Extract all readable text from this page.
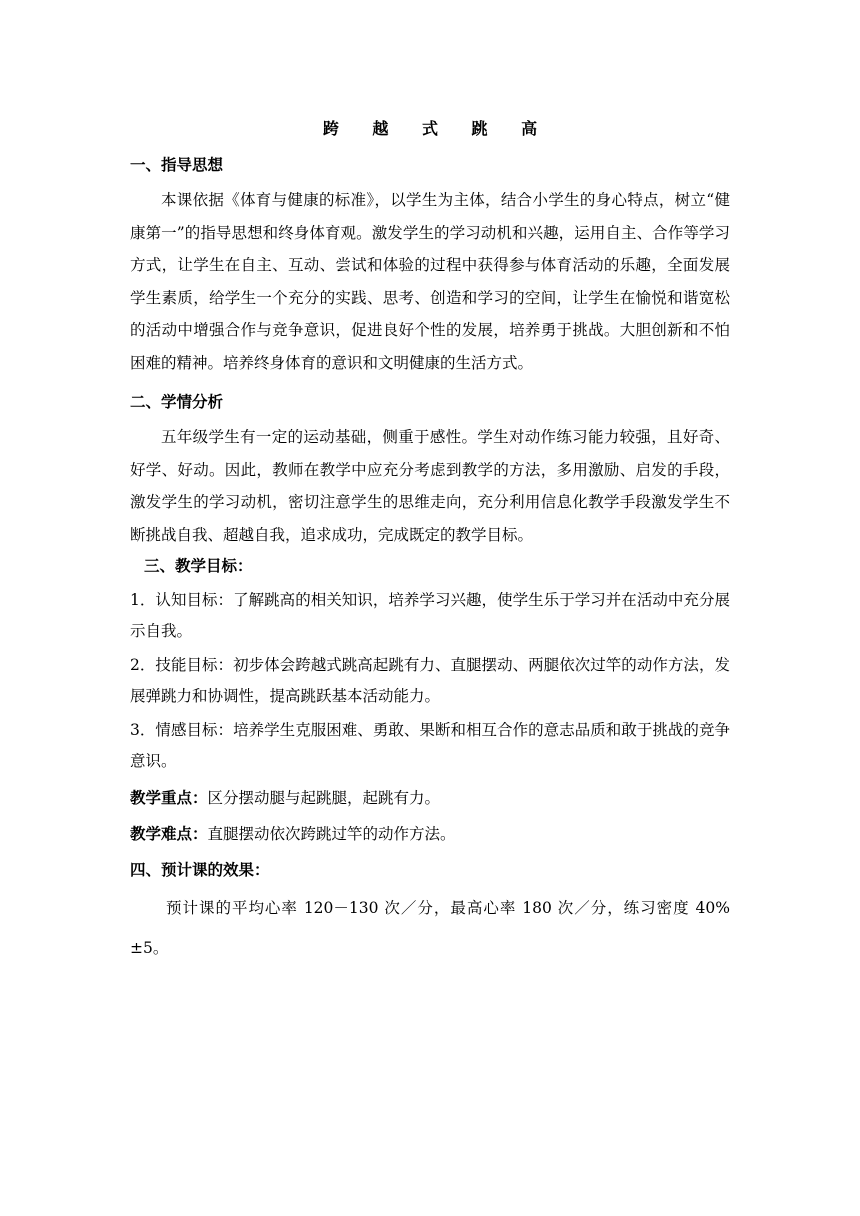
跨 越 式 跳 高
一、指导思想

本课依据《体育与健康的标准》，以学生为主体，结合小学生的身心特点，树立“健康第一”的指导思想和终身体育观。激发学生的学习动机和兴趣，运用自主、合作等学习方式，让学生在自主、互动、尝试和体验的过程中获得参与体育活动的乐趣，全面发展学生素质，给学生一个充分的实践、思考、创造和学习的空间，让学生在愉悦和谐宽松的活动中增强合作与竞争意识，促进良好个性的发展，培养勇于挑战。大胆创新和不怕困难的精神。培养终身体育的意识和文明健康的生活方式。

二、学情分析

五年级学生有一定的运动基础，侧重于感性。学生对动作练习能力较强，且好奇、好学、好动。因此，教师在教学中应充分考虑到教学的方法，多用激励、启发的手段，激发学生的学习动机，密切注意学生的思维走向，充分利用信息化教学手段激发学生不断挑战自我、超越自我，追求成功，完成既定的教学目标。

三、教学目标：

1．认知目标：了解跳高的相关知识，培养学习兴趣，使学生乐于学习并在活动中充分展示自我。

2．技能目标：初步体会跨越式跳高起跳有力、直腿摆动、两腿依次过竿的动作方法，发展弹跳力和协调性，提高跳跃基本活动能力。

3．情感目标：培养学生克服困难、勇敢、果断和相互合作的意志品质和敢于挑战的竞争意识。

教学重点：区分摆动腿与起跳腿，起跳有力。

教学难点：直腿摆动依次跨跳过竿的动作方法。

四、预计课的效果：

预计课的平均心率 120－130 次／分，最高心率 180 次／分，练习密度 40%±5。
